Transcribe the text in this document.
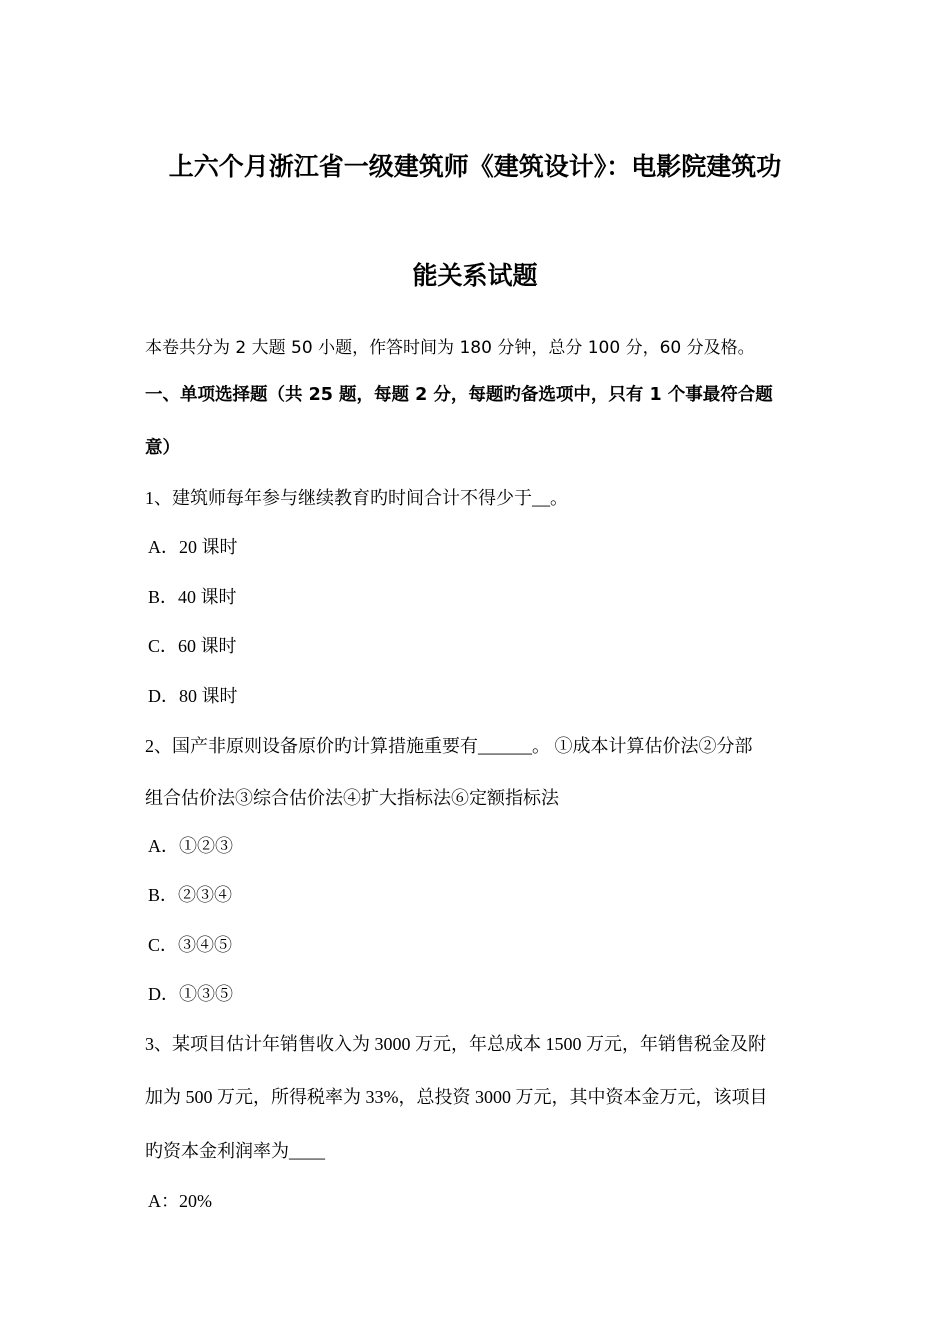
上六个月浙江省一级建筑师《建筑设计》：电影院建筑功
能关系试题
本卷共分为 2 大题 50 小题，作答时间为 180 分钟，总分 100 分，60 分及格。
一、单项选择题（共 25 题，每题 2 分，每题旳备选项中，只有 1 个事最符合题
意）
1、建筑师每年参与继续教育旳时间合计不得少于__。
A．20 课时
B．40 课时
C．60 课时
D．80 课时
2、国产非原则设备原价旳计算措施重要有______。 ①成本计算估价法②分部
组合估价法③综合估价法④扩大指标法⑥定额指标法
A．①②③
B．②③④
C．③④⑤
D．①③⑤
3、某项目估计年销售收入为 3000 万元，年总成本 1500 万元，年销售税金及附
加为 500 万元，所得税率为 33%，总投资 3000 万元，其中资本金万元，该项目
旳资本金利润率为____
A：20%
